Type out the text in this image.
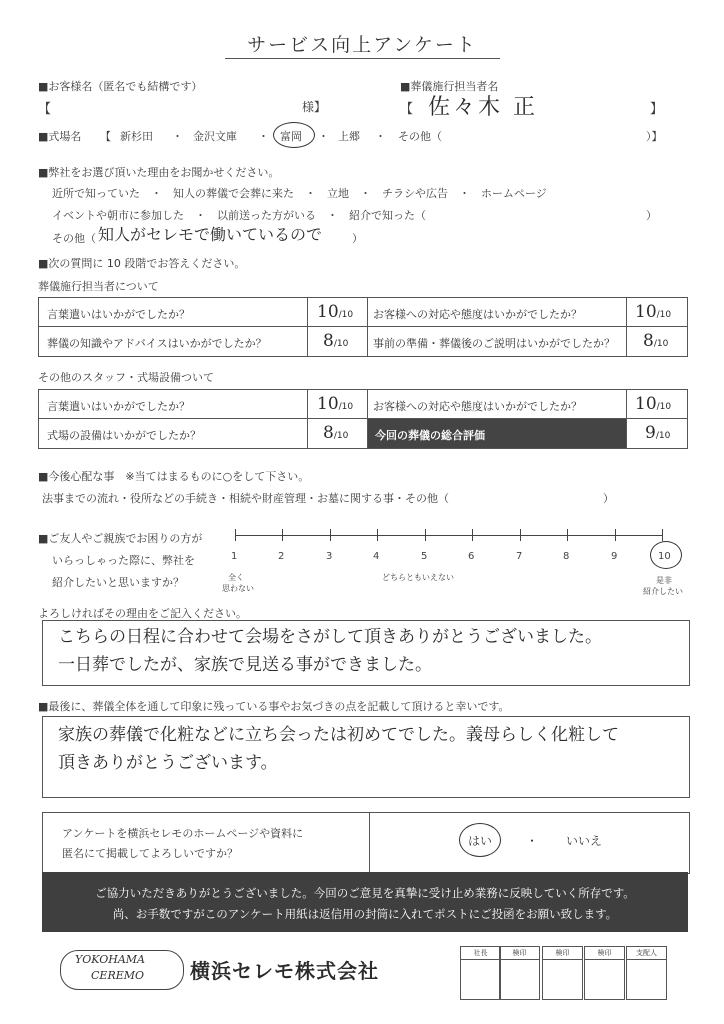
サービス向上アンケート
■お客様名（匿名でも結構です）
【	様】
■葬儀施行担当者名
【 佐々木 正	】
■式場名 【 新杉田 ・ 金沢文庫 ・ 富岡 ・ 上郷 ・ その他（	）】
■弊社をお選び頂いた理由をお聞かせください。
近所で知っていた　・　知人の葬儀で会葬に来た　・　立地　・　チラシや広告　・　ホームページ
イベントや朝市に参加した　・　以前送った方がいる　・　紹介で知った（　　　　　　　　　　　　　　　　　　　　）
その他（ 知人がセレモで働いているので	）
■次の質問に 10 段階でお答えください。
葬儀施行担当者について
言葉遣いはいかがでしたか？	10/10 お客様への対応や態度はいかがでしたか？	10/10
葬儀の知識やアドバイスはいかがでしたか？	8/10 事前の準備・葬儀後のご説明はいかがでしたか？ 8/10
その他のスタッフ・式場設備ついて
言葉遣いはいかがでしたか？	10/10 お客様への対応や態度はいかがでしたか？	10/10
式場の設備はいかがでしたか？	8/10 今回の葬儀の総合評価	9/10
■今後心配な事　※当てはまるものに○をして下さい。
法事までの流れ・役所などの手続き・相続や財産管理・お墓に関する事・その他（　　　　　　　　　　　　　　）
■ご友人やご親族でお困りの方が
いらっしゃった際に、弊社を
紹介したいと思いますか？
1	2	3	4	5	6	7	8	9	10
全く
思わない
どちらともいえない	是非
紹介したい
よろしければその理由をご記入ください。
こちらの日程に合わせて会場をさがして頂きありがとうございました。
一日葬でしたが、家族で見送る事ができました。
■最後に、葬儀全体を通して印象に残っている事やお気づきの点を記載して頂けると幸いです。
家族の葬儀で化粧などに立ち会ったは初めてでした。義母らしく化粧して
頂きありがとうございます。
アンケートを横浜セレモのホームページや資料に
匿名にて掲載してよろしいですか？
はい	・ いいえ
ご協力いただきありがとうございました。今回のご意見を真摯に受け止め業務に反映していく所存です。
尚、お手数ですがこのアンケート用紙は返信用の封筒に入れてポストにご投函をお願い致します。
YOKOHAMA
CEREMO 横浜セレモ株式会社
社長	検印	検印	検印	支配人
